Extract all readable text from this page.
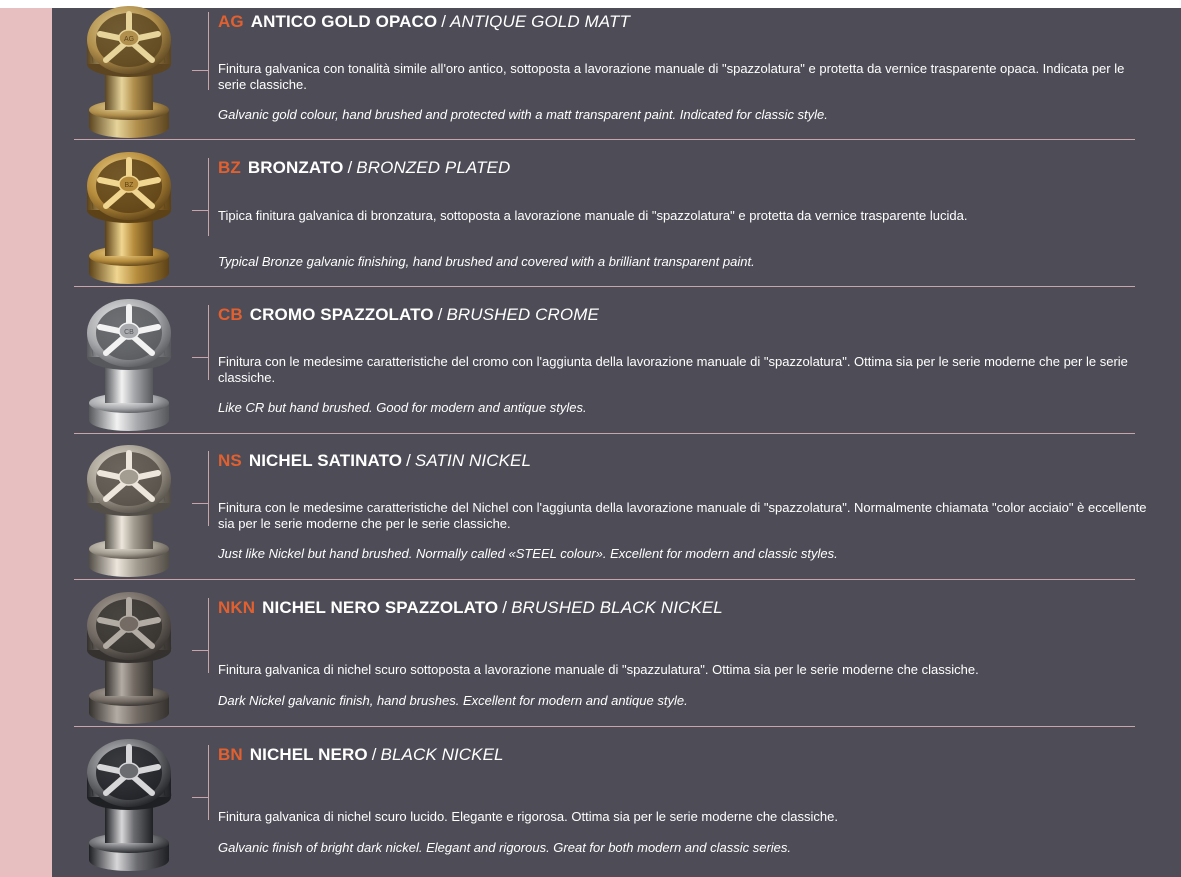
AG
AG ANTICO GOLD OPACO / ANTIQUE GOLD MATT
Finitura galvanica con tonalità simile all'oro antico, sottoposta a lavorazione manuale di "spazzolatura" e protetta da vernice trasparente opaca. Indicata per le serie classiche.
Galvanic gold colour, hand brushed and protected with a matt transparent paint. Indicated for classic style.
BZ
BZ BRONZATO / BRONZED PLATED
Tipica finitura galvanica di bronzatura, sottoposta a lavorazione manuale di "spazzolatura" e protetta da vernice trasparente lucida.
Typical Bronze galvanic finishing, hand brushed and covered with a brilliant transparent paint.
CB
CB CROMO SPAZZOLATO / BRUSHED CROME
Finitura con le medesime caratteristiche del cromo con l'aggiunta della lavorazione manuale di "spazzolatura". Ottima sia per le serie moderne che per le serie classiche.
Like CR but hand brushed. Good for modern and antique styles.
NS NICHEL SATINATO / SATIN NICKEL
Finitura con le medesime caratteristiche del Nichel con l'aggiunta della lavorazione manuale di "spazzolatura". Normalmente chiamata "color acciaio" è eccellente sia per le serie moderne che per le serie classiche.
Just like Nickel but hand brushed. Normally called «STEEL colour». Excellent for modern and classic styles.
NKN NICHEL NERO SPAZZOLATO / BRUSHED BLACK NICKEL
Finitura galvanica di nichel scuro sottoposta a lavorazione manuale di "spazzulatura". Ottima sia per le serie moderne che classiche.
Dark Nickel galvanic finish, hand brushes. Excellent for modern and antique style.
BN NICHEL NERO / BLACK NICKEL
Finitura galvanica di nichel scuro lucido. Elegante e rigorosa. Ottima sia per le serie moderne che classiche.
Galvanic finish of bright dark nickel. Elegant and rigorous. Great for both modern and classic series.
